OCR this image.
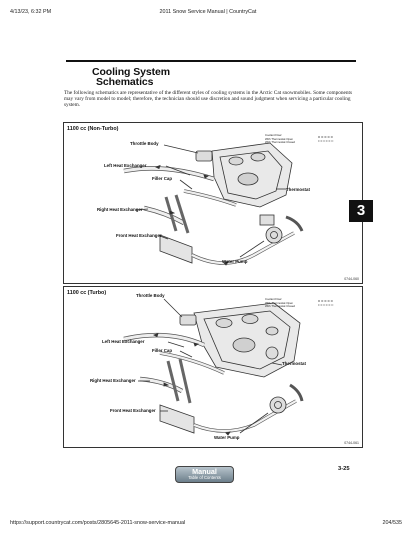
4/13/23, 6:32 PM	2011 Snow Service Manual | CountryCat
Cooling System
Schematics
The following schematics are representative of the different styles of cooling systems in the Arctic Cat snowmobiles. Some components may vary from model to model; therefore, the technician should use discretion and sound judgment when servicing a particular cooling system.
1100 cc (Non-Turbo)
Coolant Flow:
With Thermostat Open
With Thermostat Closed
Throttle Body
Left Heat Exchanger
Filler Cap
Thermostat
Right Heat Exchanger
Front Heat Exchanger
Water Pump
0744-060
1100 cc (Turbo)
Coolant Flow:
With Thermostat Open
With Thermostat Closed
Throttle Body
Left Heat Exchanger
Filler Cap
Thermostat
Right Heat Exchanger
Front Heat Exchanger
Water Pump
0744-061
3
Manual
Table of Contents
3-25
https://support.countrycat.com/posts/2805645-2011-snow-service-manual	204/535
